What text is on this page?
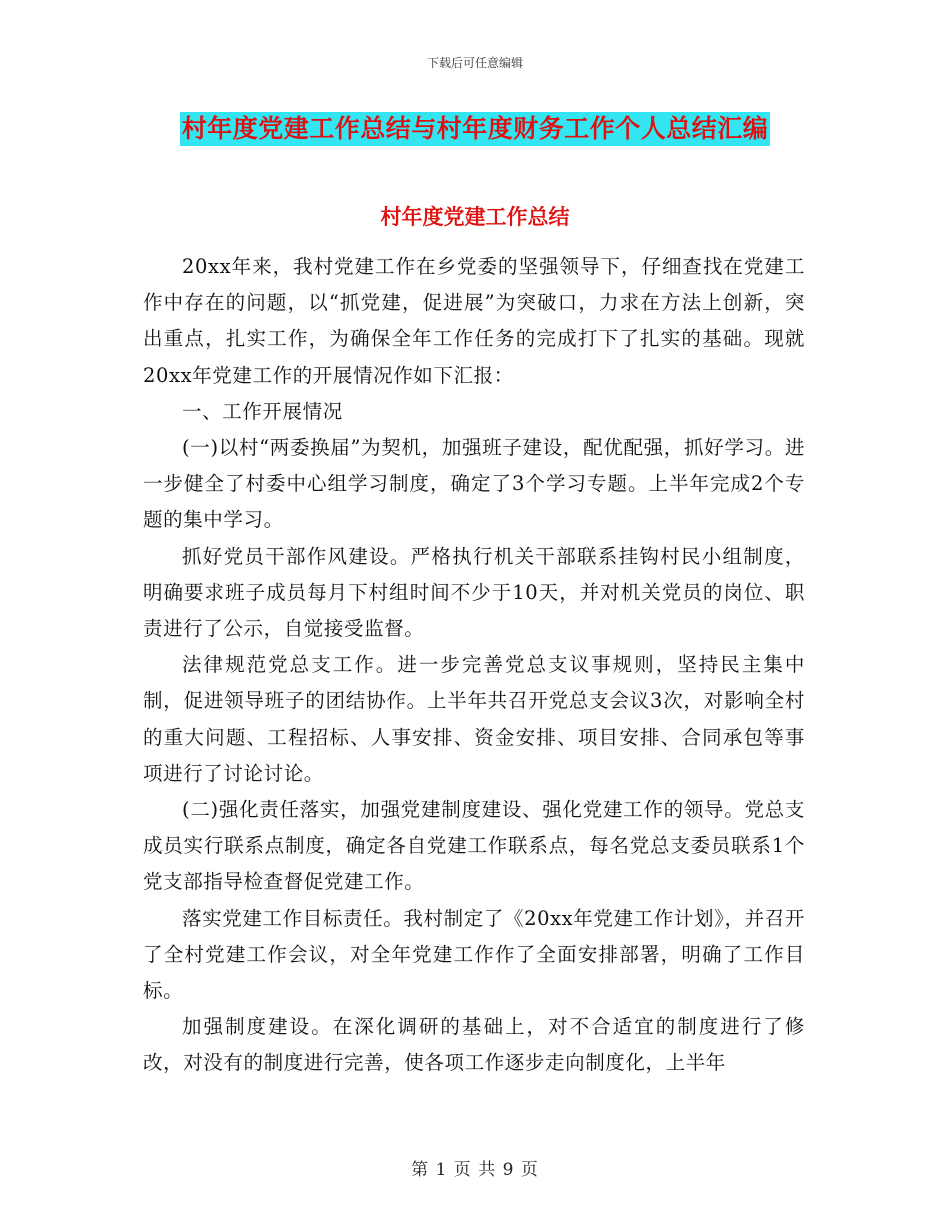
下载后可任意编辑
村年度党建工作总结与村年度财务工作个人总结汇编
村年度党建工作总结

20xx年来，我村党建工作在乡党委的坚强领导下，仔细查找在党建工作中存在的问题，以“抓党建，促进展”为突破口，力求在方法上创新，突出重点，扎实工作，为确保全年工作任务的完成打下了扎实的基础。现就20xx年党建工作的开展情况作如下汇报：

一、工作开展情况

(一)以村“两委换届”为契机，加强班子建设，配优配强，抓好学习。进一步健全了村委中心组学习制度，确定了3个学习专题。上半年完成2个专题的集中学习。

抓好党员干部作风建设。严格执行机关干部联系挂钩村民小组制度，明确要求班子成员每月下村组时间不少于10天，并对机关党员的岗位、职责进行了公示，自觉接受监督。

法律规范党总支工作。进一步完善党总支议事规则，坚持民主集中制，促进领导班子的团结协作。上半年共召开党总支会议3次，对影响全村的重大问题、工程招标、人事安排、资金安排、项目安排、合同承包等事项进行了讨论讨论。

(二)强化责任落实，加强党建制度建设、强化党建工作的领导。党总支成员实行联系点制度，确定各自党建工作联系点，每名党总支委员联系1个党支部指导检查督促党建工作。

落实党建工作目标责任。我村制定了《20xx年党建工作计划》，并召开了全村党建工作会议，对全年党建工作作了全面安排部署，明确了工作目标。

加强制度建设。在深化调研的基础上，对不合适宜的制度进行了修改，对没有的制度进行完善，使各项工作逐步走向制度化，上半年

第 1 页 共 9 页
